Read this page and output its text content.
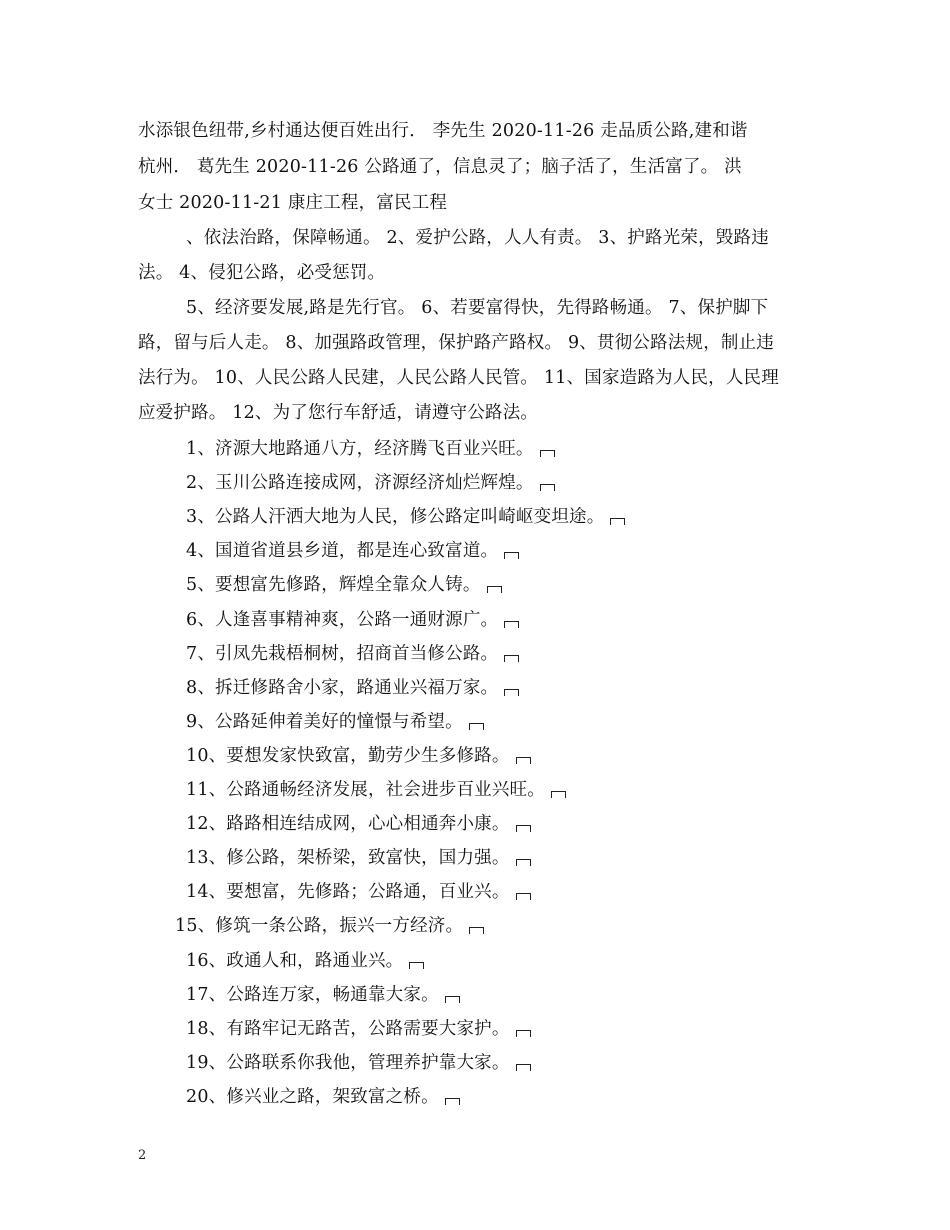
水添银色纽带,乡村通达便百姓出行． 李先生 2020-11-26 走品质公路,建和谐
杭州． 葛先生 2020-11-26 公路通了，信息灵了；脑子活了，生活富了。 洪
女士 2020-11-21 康庄工程，富民工程
、依法治路，保障畅通。 2、爱护公路，人人有责。 3、护路光荣，毁路违
法。 4、侵犯公路，必受惩罚。
5、经济要发展,路是先行官。 6、若要富得快，先得路畅通。 7、保护脚下
路，留与后人走。 8、加强路政管理，保护路产路权。 9、贯彻公路法规，制止违
法行为。 10、人民公路人民建，人民公路人民管。 11、国家造路为人民，人民理
应爱护路。 12、为了您行车舒适，请遵守公路法。
1、济源大地路通八方，经济腾飞百业兴旺。
2、玉川公路连接成网，济源经济灿烂辉煌。
3、公路人汗洒大地为人民，修公路定叫崎岖变坦途。
4、国道省道县乡道，都是连心致富道。
5、要想富先修路，辉煌全靠众人铸。
6、人逢喜事精神爽，公路一通财源广。
7、引凤先栽梧桐树，招商首当修公路。
8、拆迁修路舍小家，路通业兴福万家。
9、公路延伸着美好的憧憬与希望。
10、要想发家快致富，勤劳少生多修路。
11、公路通畅经济发展，社会进步百业兴旺。
12、路路相连结成网，心心相通奔小康。
13、修公路，架桥梁，致富快，国力强。
14、要想富，先修路；公路通，百业兴。
15、修筑一条公路，振兴一方经济。
16、政通人和，路通业兴。
17、公路连万家，畅通靠大家。
18、有路牢记无路苦，公路需要大家护。
19、公路联系你我他，管理养护靠大家。
20、修兴业之路，架致富之桥。
2
